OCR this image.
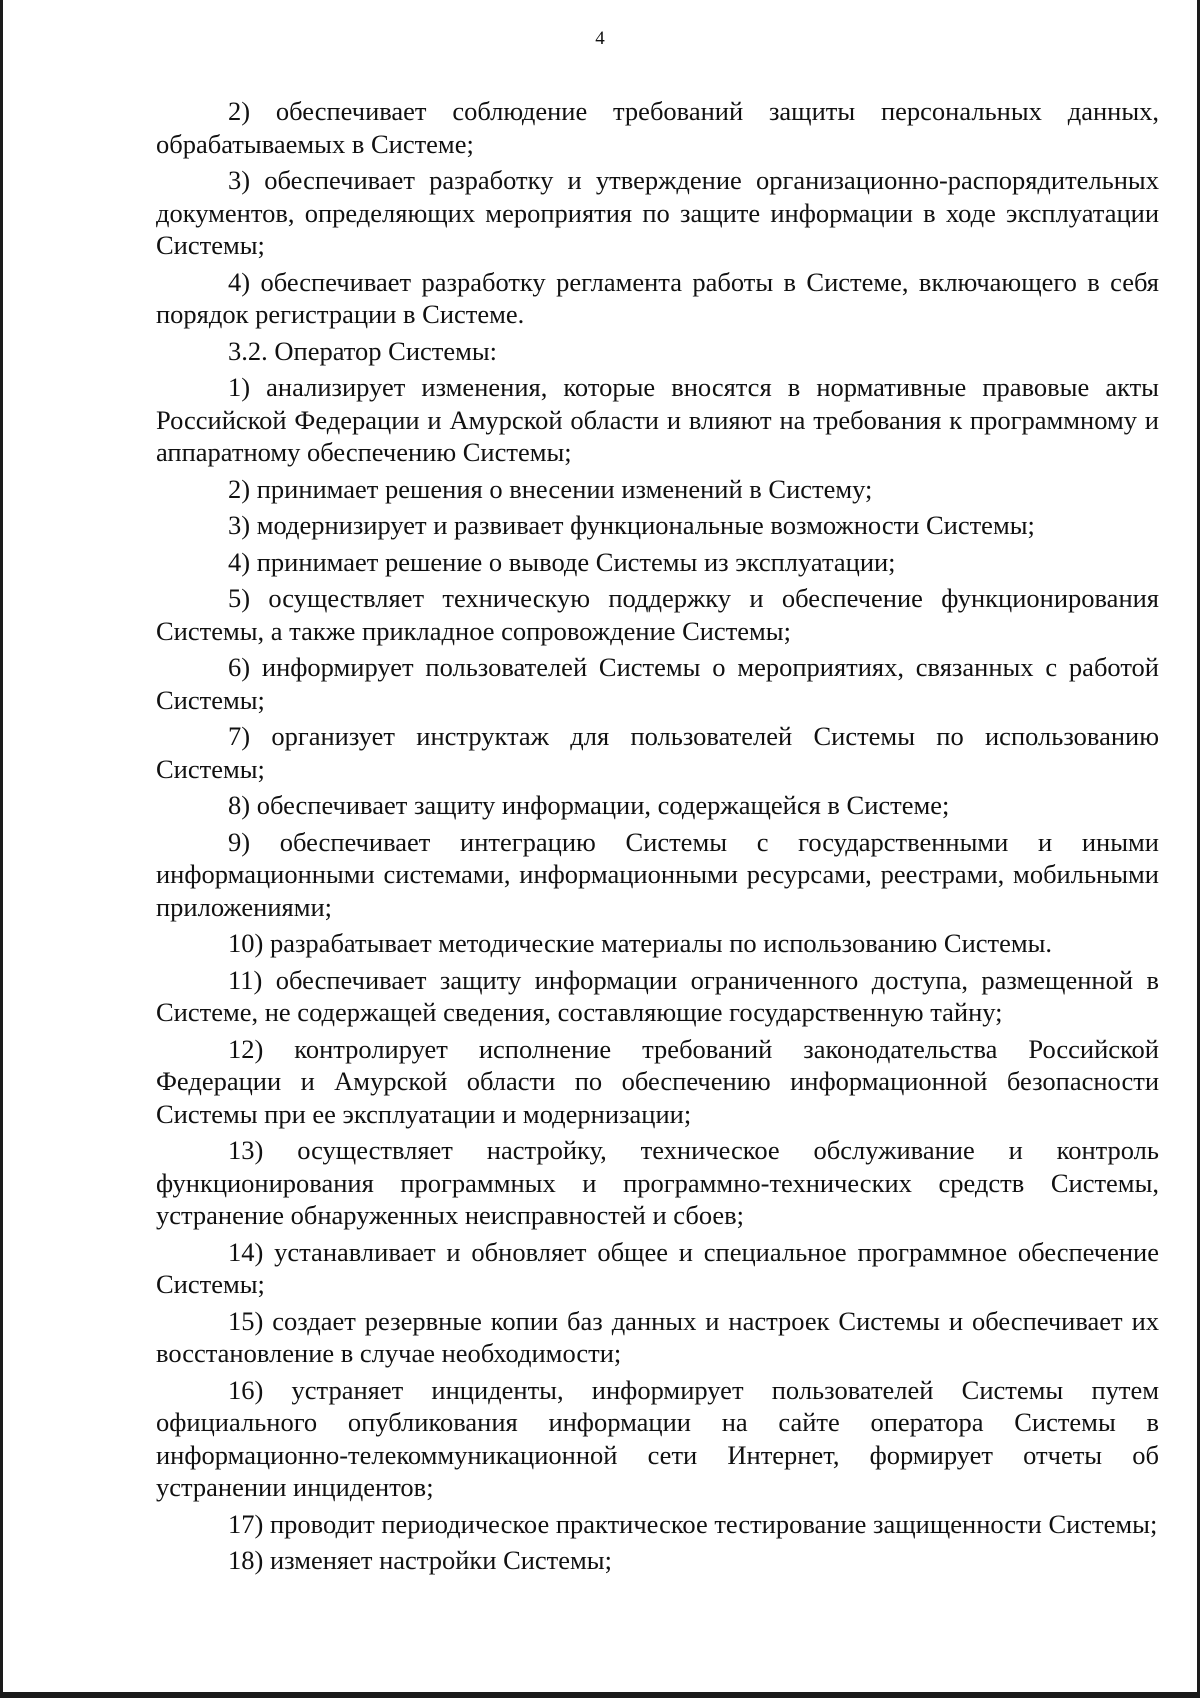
4

2) обеспечивает соблюдение требований защиты персональных данных, обрабатываемых в Системе;

3) обеспечивает разработку и утверждение организационно-распорядительных документов, определяющих мероприятия по защите информации в ходе эксплуатации Системы;

4) обеспечивает разработку регламента работы в Системе, включающего в себя порядок регистрации в Системе.

3.2. Оператор Системы:

1) анализирует изменения, которые вносятся в нормативные правовые акты Российской Федерации и Амурской области и влияют на требования к программному и аппаратному обеспечению Системы;

2) принимает решения о внесении изменений в Систему;

3) модернизирует и развивает функциональные возможности Системы;

4) принимает решение о выводе Системы из эксплуатации;

5) осуществляет техническую поддержку и обеспечение функционирования Системы, а также прикладное сопровождение Системы;

6) информирует пользователей Системы о мероприятиях, связанных с работой Системы;

7) организует инструктаж для пользователей Системы по использованию Системы;

8) обеспечивает защиту информации, содержащейся в Системе;

9) обеспечивает интеграцию Системы с государственными и иными информационными системами, информационными ресурсами, реестрами, мобильными приложениями;

10) разрабатывает методические материалы по использованию Системы.

11) обеспечивает защиту информации ограниченного доступа, размещенной в Системе, не содержащей сведения, составляющие государственную тайну;

12) контролирует исполнение требований законодательства Российской Федерации и Амурской области по обеспечению информационной безопасности Системы при ее эксплуатации и модернизации;

13) осуществляет настройку, техническое обслуживание и контроль функционирования программных и программно-технических средств Системы, устранение обнаруженных неисправностей и сбоев;

14) устанавливает и обновляет общее и специальное программное обеспечение Системы;

15) создает резервные копии баз данных и настроек Системы и обеспечивает их восстановление в случае необходимости;

16) устраняет инциденты, информирует пользователей Системы путем официального опубликования информации на сайте оператора Системы в информационно-телекоммуникационной сети Интернет, формирует отчеты об устранении инцидентов;

17) проводит периодическое практическое тестирование защищенности Системы;

18) изменяет настройки Системы;
